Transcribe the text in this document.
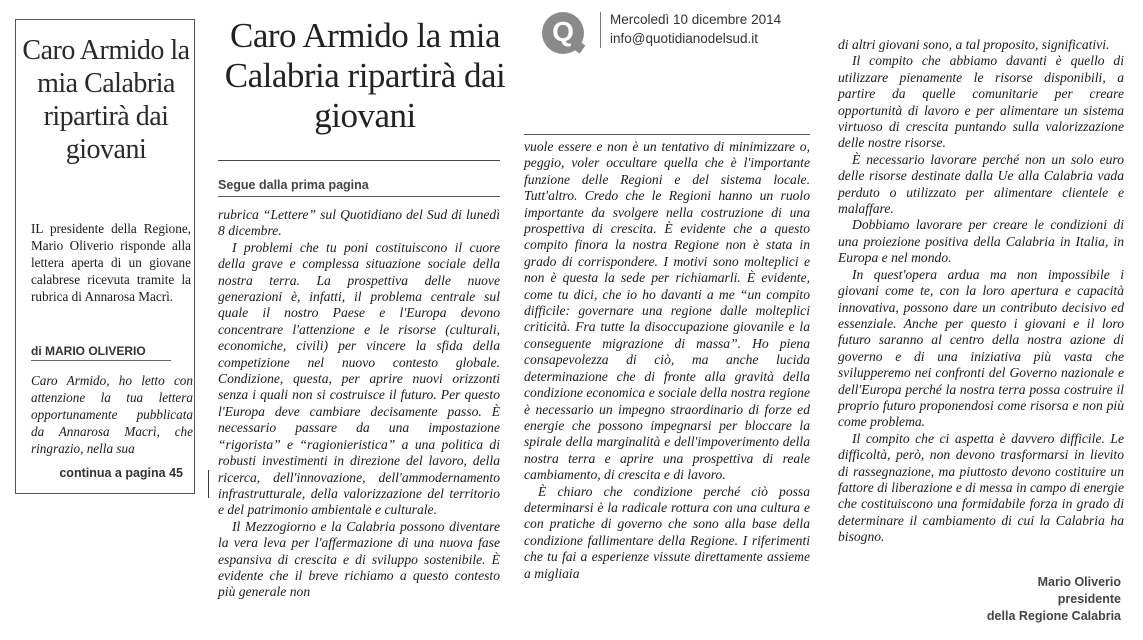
Caro Armido la mia Calabria ripartirà dai giovani
IL presidente della Regione, Mario Oliverio risponde alla lettera aperta di un giovane calabrese ricevuta tramite la rubrica di Annarosa Macrì.
di MARIO OLIVERIO
Caro Armido, ho letto con attenzione la tua lettera opportunamente pubblicata da Annarosa Macrì, che ringrazio, nella sua
continua a pagina 45
Caro Armido la mia Calabria ripartirà dai giovani
Q	Mercoledì 10 dicembre 2014
info@quotidianodelsud.it
Segue dalla prima pagina

rubrica “Lettere” sul Quotidiano del Sud di lunedì 8 dicembre.

I problemi che tu poni costituiscono il cuore della grave e complessa situazione sociale della nostra terra. La prospettiva delle nuove generazioni è, infatti, il problema centrale sul quale il nostro Paese e l'Europa devono concentrare l'attenzione e le risorse (culturali, economiche, civili) per vincere la sfida della competizione nel nuovo contesto globale. Condizione, questa, per aprire nuovi orizzonti senza i quali non si costruisce il futuro. Per questo l'Europa deve cambiare decisamente passo. È necessario passare da una impostazione “rigorista” e “ragionieristica” a una politica di robusti investimenti in direzione del lavoro, della ricerca, dell'innovazione, dell'ammodernamento infrastrutturale, della valorizzazione del territorio e del patrimonio ambientale e culturale.

Il Mezzogiorno e la Calabria possono diventare la vera leva per l'affermazione di una nuova fase espansiva di crescita e di sviluppo sostenibile. È evidente che il breve richiamo a questo contesto più generale non

vuole essere e non è un tentativo di minimizzare o, peggio, voler occultare quella che è l'importante funzione delle Regioni e del sistema locale. Tutt'altro. Credo che le Regioni hanno un ruolo importante da svolgere nella costruzione di una prospettiva di crescita. È evidente che a questo compito finora la nostra Regione non è stata in grado di corrispondere. I motivi sono molteplici e non è questa la sede per richiamarli. È evidente, come tu dici, che io ho davanti a me “un compito difficile: governare una regione dalle molteplici criticità. Fra tutte la disoccupazione giovanile e la conseguente migrazione di massa”. Ho piena consapevolezza di ciò, ma anche lucida determinazione che di fronte alla gravità della condizione economica e sociale della nostra regione è necessario un impegno straordinario di forze ed energie che possono impegnarsi per bloccare la spirale della marginalità e dell'impoverimento della nostra terra e aprire una prospettiva di reale cambiamento, di crescita e di lavoro.

È chiaro che condizione perché ciò possa determinarsi è la radicale rottura con una cultura e con pratiche di governo che sono alla base della condizione fallimentare della Regione. I riferimenti che tu fai a esperienze vissute direttamente assieme a migliaia

di altri giovani sono, a tal proposito, significativi.

Il compito che abbiamo davanti è quello di utilizzare pienamente le risorse disponibili, a partire da quelle comunitarie per creare opportunità di lavoro e per alimentare un sistema virtuoso di crescita puntando sulla valorizzazione delle nostre risorse.

È necessario lavorare perché non un solo euro delle risorse destinate dalla Ue alla Calabria vada perduto o utilizzato per alimentare clientele e malaffare.

Dobbiamo lavorare per creare le condizioni di una proiezione positiva della Calabria in Italia, in Europa e nel mondo.

In quest'opera ardua ma non impossibile i giovani come te, con la loro apertura e capacità innovativa, possono dare un contributo decisivo ed essenziale. Anche per questo i giovani e il loro futuro saranno al centro della nostra azione di governo e di una iniziativa più vasta che svilupperemo nei confronti del Governo nazionale e dell'Europa perché la nostra terra possa costruire il proprio futuro proponendosi come risorsa e non più come problema.

Il compito che ci aspetta è davvero difficile. Le difficoltà, però, non devono trasformarsi in lievito di rassegnazione, ma piuttosto devono costituire un fattore di liberazione e di messa in campo di energie che costituiscono una formidabile forza in grado di determinare il cambiamento di cui la Calabria ha bisogno.

Mario Oliverio
presidente
della Regione Calabria
